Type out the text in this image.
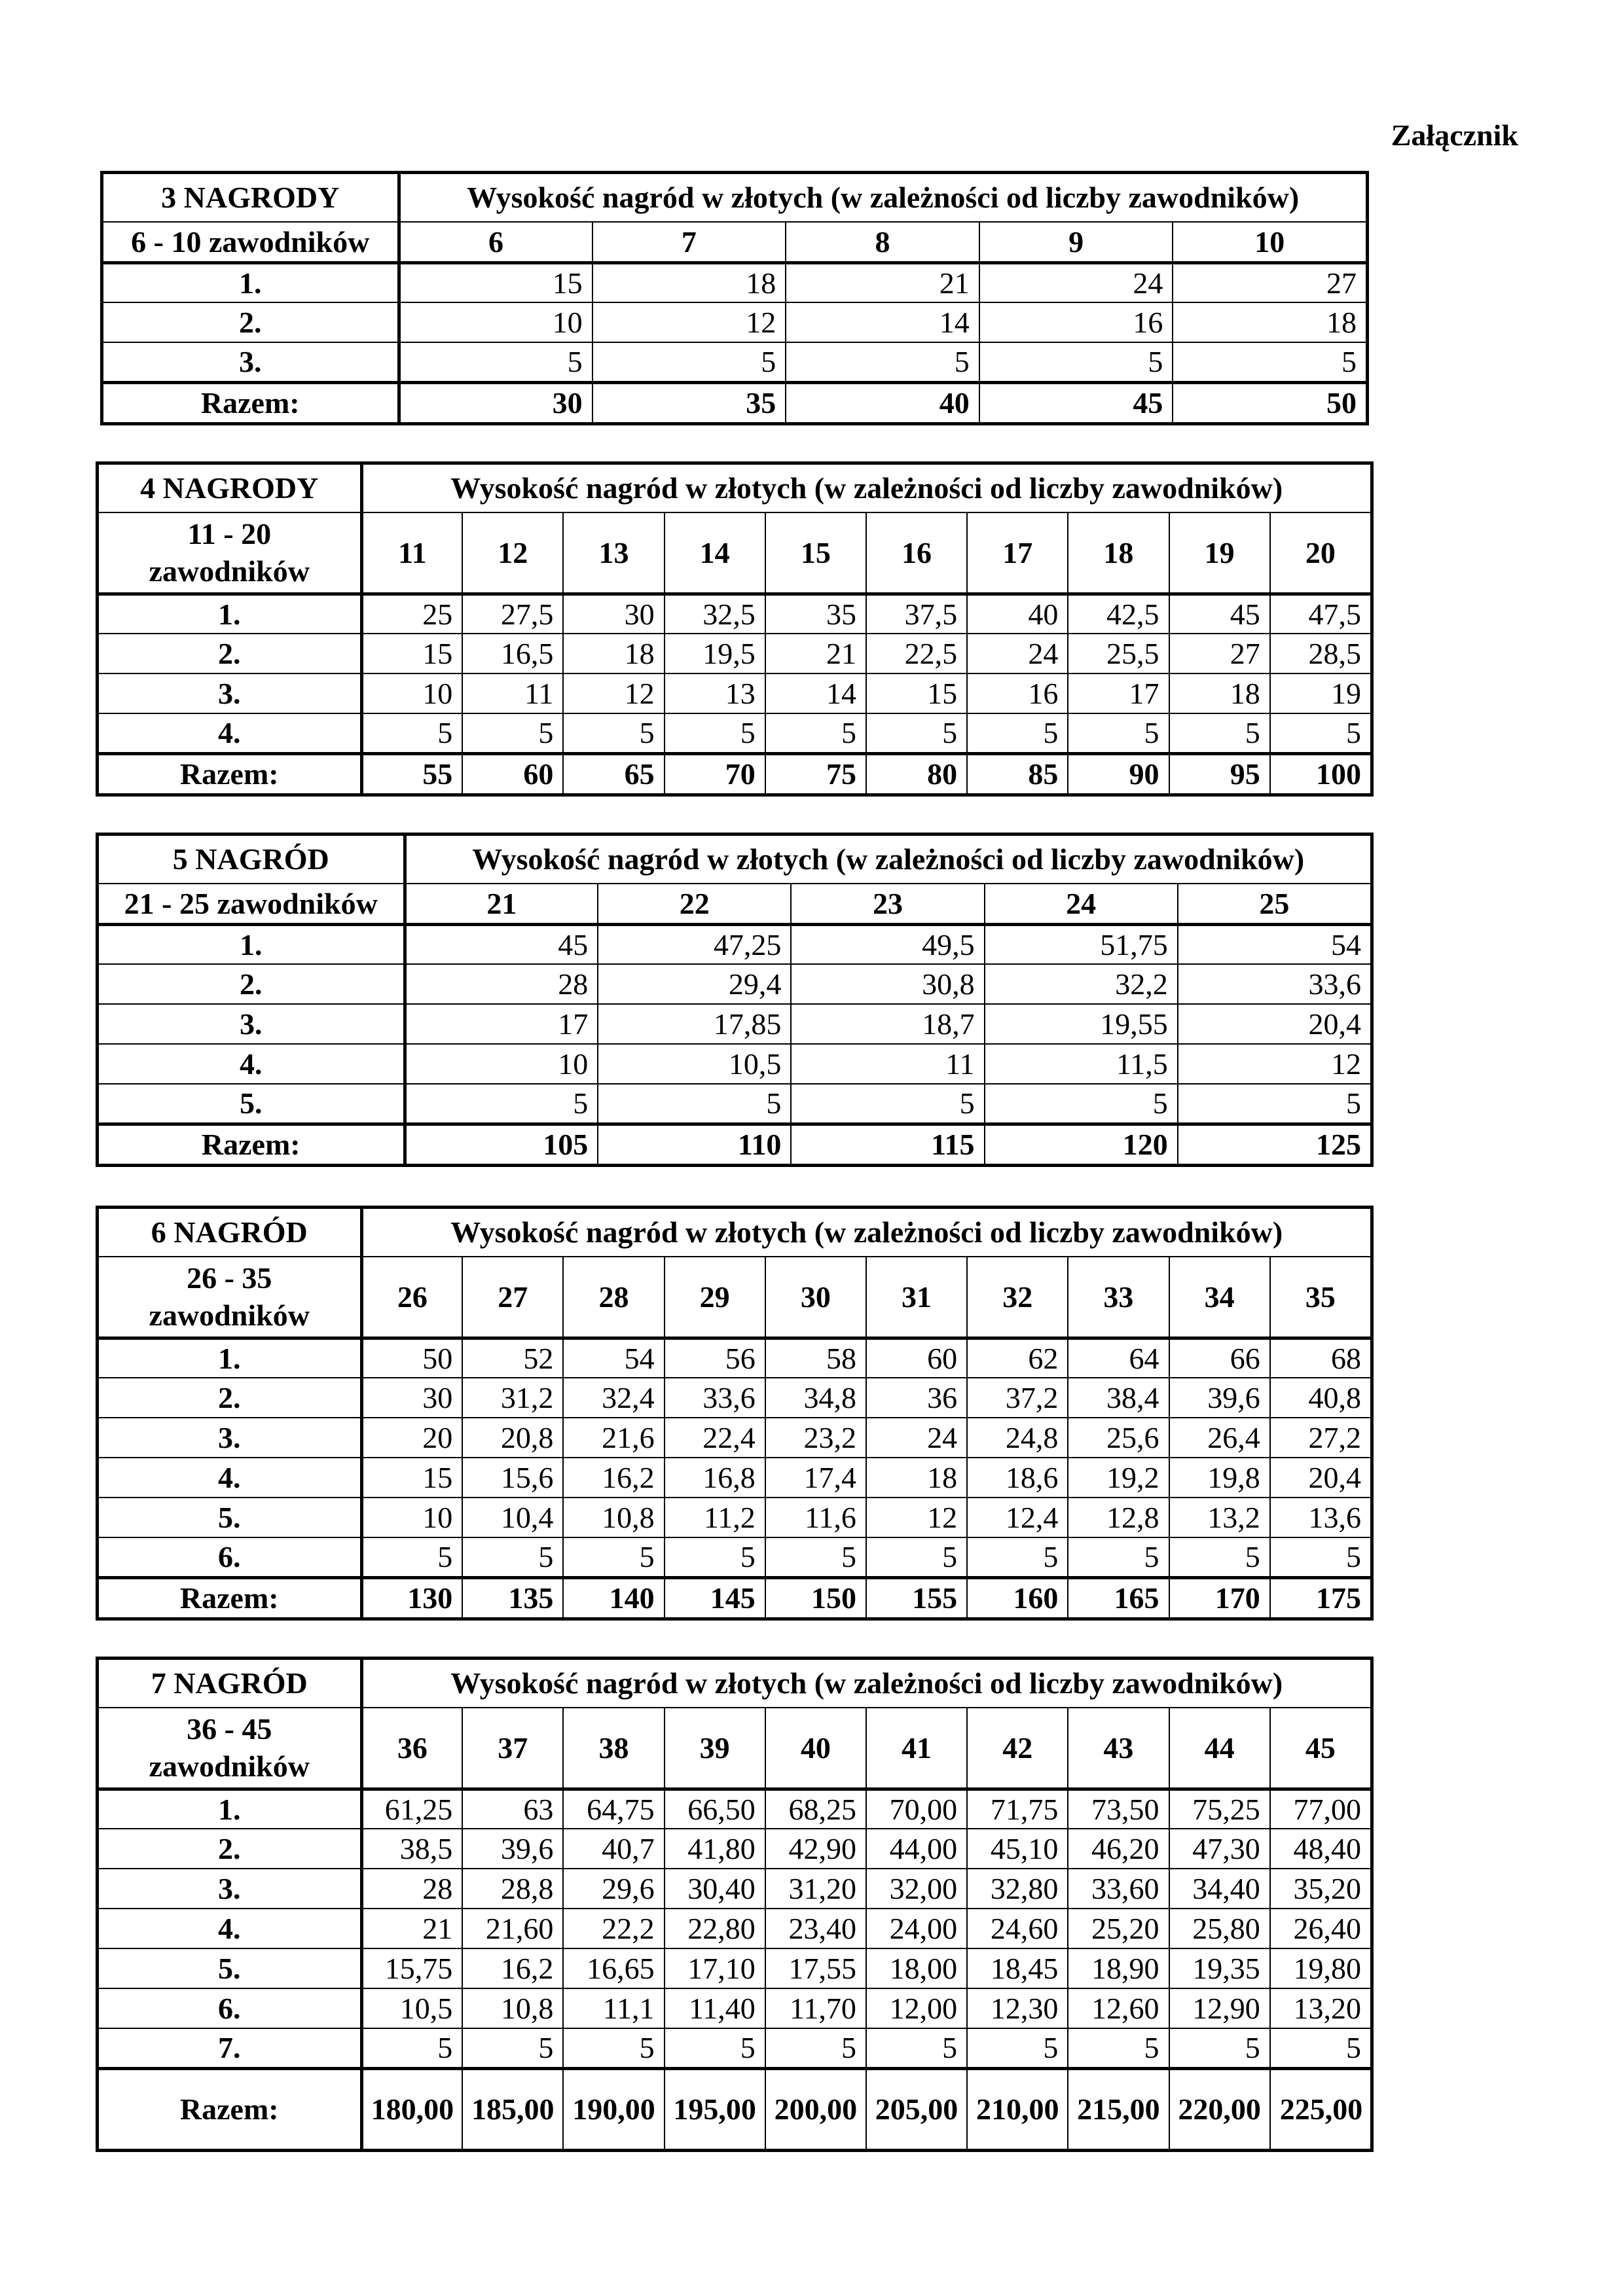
Załącznik
3 NAGRODY	Wysokość nagród w złotych (w zależności od liczby zawodników)				
6 - 10 zawodników	6	7	8	9	10
1.	15	18	21	24	27
2.	10	12	14	16	18
3.	5	5	5	5	5
Razem:	30	35	40	45	50
4 NAGRODY	Wysokość nagród w złotych (w zależności od liczby zawodników)									
11 - 20 zawodników	11	12	13	14	15	16	17	18	19	20
1.	25	27,5	30	32,5	35	37,5	40	42,5	45	47,5
2.	15	16,5	18	19,5	21	22,5	24	25,5	27	28,5
3.	10	11	12	13	14	15	16	17	18	19
4.	5	5	5	5	5	5	5	5	5	5
Razem:	55	60	65	70	75	80	85	90	95	100
5 NAGRÓD	Wysokość nagród w złotych (w zależności od liczby zawodników)				
21 - 25 zawodników	21	22	23	24	25
1.	45	47,25	49,5	51,75	54
2.	28	29,4	30,8	32,2	33,6
3.	17	17,85	18,7	19,55	20,4
4.	10	10,5	11	11,5	12
5.	5	5	5	5	5
Razem:	105	110	115	120	125
6 NAGRÓD	Wysokość nagród w złotych (w zależności od liczby zawodników)									
26 - 35 zawodników	26	27	28	29	30	31	32	33	34	35
1.	50	52	54	56	58	60	62	64	66	68
2.	30	31,2	32,4	33,6	34,8	36	37,2	38,4	39,6	40,8
3.	20	20,8	21,6	22,4	23,2	24	24,8	25,6	26,4	27,2
4.	15	15,6	16,2	16,8	17,4	18	18,6	19,2	19,8	20,4
5.	10	10,4	10,8	11,2	11,6	12	12,4	12,8	13,2	13,6
6.	5	5	5	5	5	5	5	5	5	5
Razem:	130	135	140	145	150	155	160	165	170	175
7 NAGRÓD	Wysokość nagród w złotych (w zależności od liczby zawodników)									
36 - 45 zawodników	36	37	38	39	40	41	42	43	44	45
1.	61,25	63	64,75	66,50	68,25	70,00	71,75	73,50	75,25	77,00
2.	38,5	39,6	40,7	41,80	42,90	44,00	45,10	46,20	47,30	48,40
3.	28	28,8	29,6	30,40	31,20	32,00	32,80	33,60	34,40	35,20
4.	21	21,60	22,2	22,80	23,40	24,00	24,60	25,20	25,80	26,40
5.	15,75	16,2	16,65	17,10	17,55	18,00	18,45	18,90	19,35	19,80
6.	10,5	10,8	11,1	11,40	11,70	12,00	12,30	12,60	12,90	13,20
7.	5	5	5	5	5	5	5	5	5	5
Razem:	180,00	185,00	190,00	195,00	200,00	205,00	210,00	215,00	220,00	225,00
